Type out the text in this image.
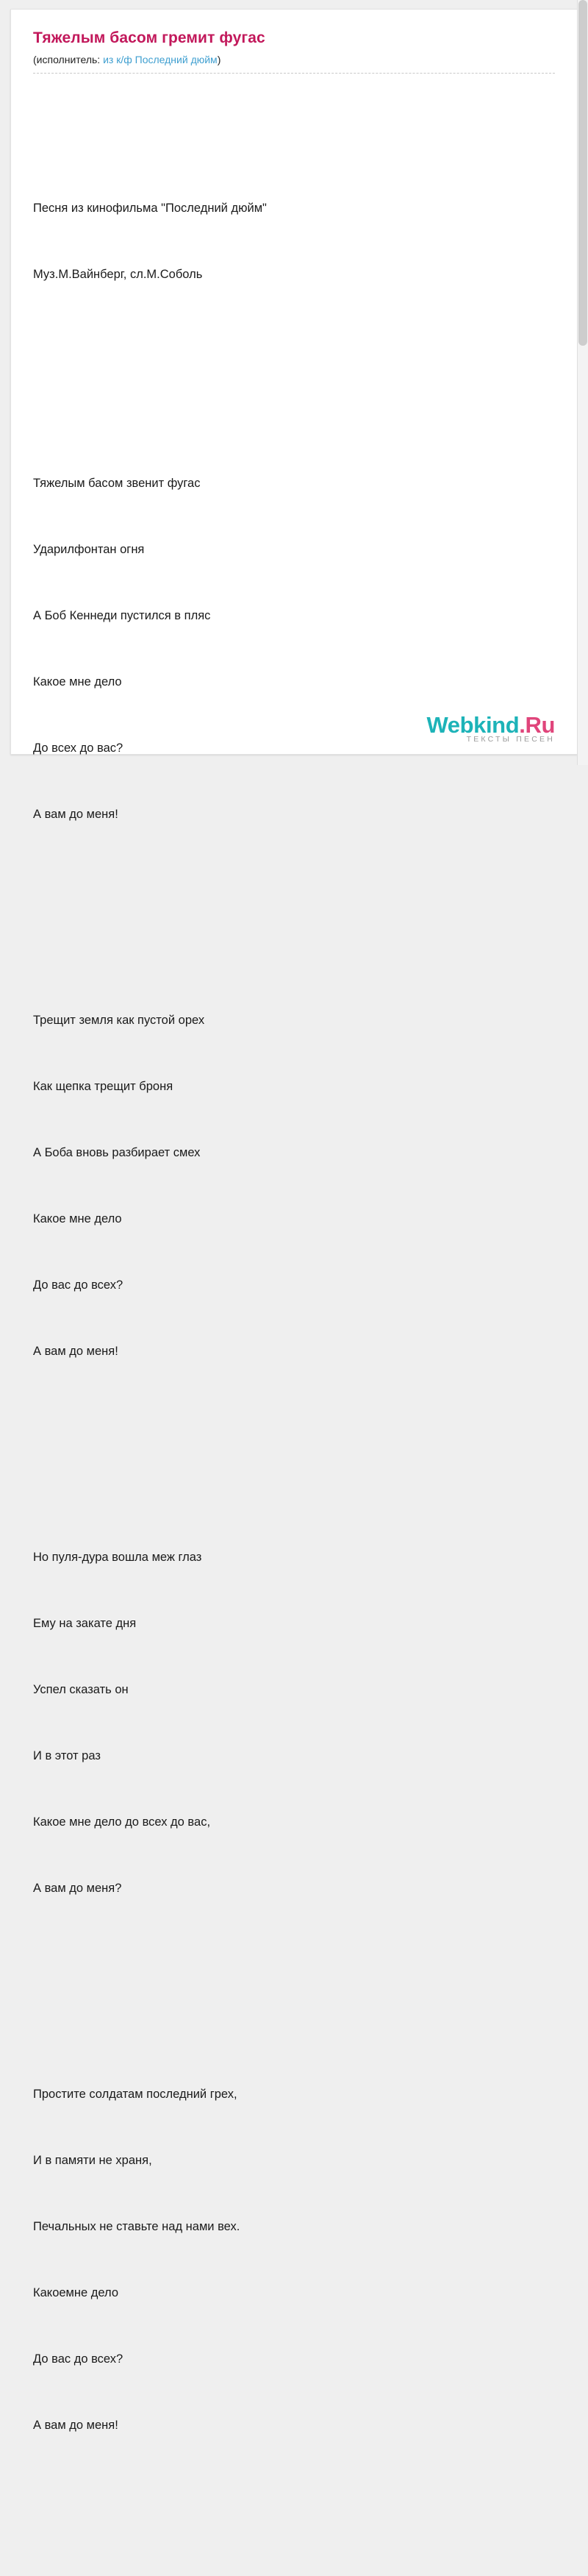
Тяжелым басом гремит фугас
(исполнитель: из к/ф Последний дюйм)

Песня из кинофильма "Последний дюйм"

Муз.М.Вайнберг, сл.М.Соболь

Тяжелым басом звенит фугас

Ударилфонтан огня

А Боб Кеннеди пустился в пляс

Какое мне дело

До всех до вас?

А вам до меня!

Трещит земля как пустой орех

Как щепка трещит броня

А Боба вновь разбирает смех

Какое мне дело

До вас до всех?

А вам до меня!

Но пуля-дура вошла меж глаз

Ему на закате дня

Успел сказать он

И в этот раз

Какое мне дело до всех до вас,

А вам до меня?

Простите солдатам последний грех,

И в памяти не храня,

Печальных не ставьте над нами вех.

Какоемне дело

До вас до всех?

А вам до меня!

Webkind.Ru
ТЕКСТЫ ПЕСЕН
